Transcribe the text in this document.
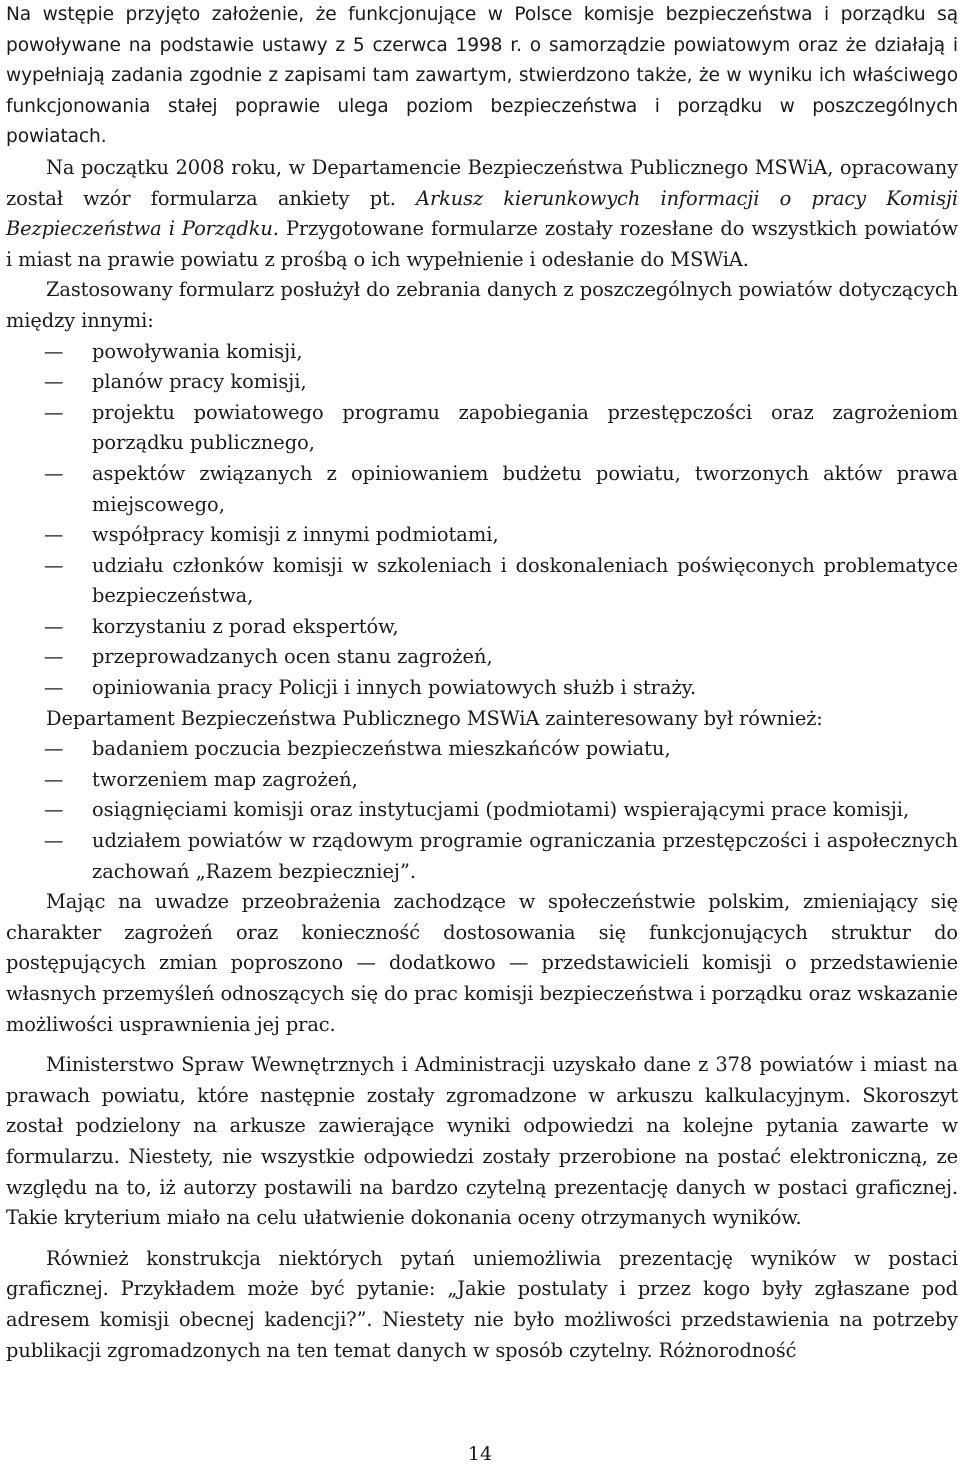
Na wstępie przyjęto założenie, że funkcjonujące w Polsce komisje bezpieczeństwa i porządku są powoływane na podstawie ustawy z 5 czerwca 1998 r. o samorządzie powiatowym oraz że działają i wypełniają zadania zgodnie z zapisami tam zawartym, stwierdzono także, że w wyniku ich właściwego funkcjonowania stałej poprawie ulega poziom bezpieczeństwa i porządku w poszczególnych powiatach.

Na początku 2008 roku, w Departamencie Bezpieczeństwa Publicznego MSWiA, opracowany został wzór formularza ankiety pt. Arkusz kierunkowych informacji o pracy Komisji Bezpieczeństwa i Porządku. Przygotowane formularze zostały rozesłane do wszystkich powiatów i miast na prawie powiatu z prośbą o ich wypełnienie i odesłanie do MSWiA.

Zastosowany formularz posłużył do zebrania danych z poszczególnych powiatów dotyczących między innymi:

— powoływania komisji,
— planów pracy komisji,
— projektu powiatowego programu zapobiegania przestępczości oraz zagrożeniom porządku publicznego,
— aspektów związanych z opiniowaniem budżetu powiatu, tworzonych aktów prawa miejscowego,
— współpracy komisji z innymi podmiotami,
— udziału członków komisji w szkoleniach i doskonaleniach poświęconych problematyce bezpieczeństwa,
— korzystaniu z porad ekspertów,
— przeprowadzanych ocen stanu zagrożeń,
— opiniowania pracy Policji i innych powiatowych służb i straży.

Departament Bezpieczeństwa Publicznego MSWiA zainteresowany był również:

— badaniem poczucia bezpieczeństwa mieszkańców powiatu,
— tworzeniem map zagrożeń,
— osiągnięciami komisji oraz instytucjami (podmiotami) wspierającymi prace komisji,
— udziałem powiatów w rządowym programie ograniczania przestępczości i aspołecznych zachowań „Razem bezpieczniej”.

Mając na uwadze przeobrażenia zachodzące w społeczeństwie polskim, zmieniający się charakter zagrożeń oraz konieczność dostosowania się funkcjonujących struktur do postępujących zmian poproszono — dodatkowo — przedstawicieli komisji o przedstawienie własnych przemyśleń odnoszących się do prac komisji bezpieczeństwa i porządku oraz wskazanie możliwości usprawnienia jej prac.

Ministerstwo Spraw Wewnętrznych i Administracji uzyskało dane z 378 powiatów i miast na prawach powiatu, które następnie zostały zgromadzone w arkuszu kalkulacyjnym. Skoroszyt został podzielony na arkusze zawierające wyniki odpowiedzi na kolejne pytania zawarte w formularzu. Niestety, nie wszystkie odpowiedzi zostały przerobione na postać elektroniczną, ze względu na to, iż autorzy postawili na bardzo czytelną prezentację danych w postaci graficznej. Takie kryterium miało na celu ułatwienie dokonania oceny otrzymanych wyników.

Również konstrukcja niektórych pytań uniemożliwia prezentację wyników w postaci graficznej. Przykładem może być pytanie: „Jakie postulaty i przez kogo były zgłaszane pod adresem komisji obecnej kadencji?”. Niestety nie było możliwości przedstawienia na potrzeby publikacji zgromadzonych na ten temat danych w sposób czytelny. Różnorodność

14
